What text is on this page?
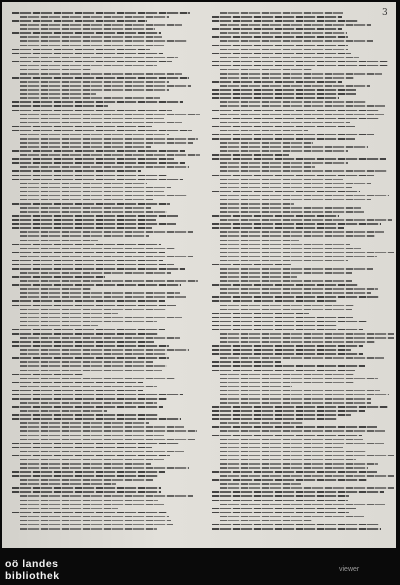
3
oö landes
bibliothek
viewer
